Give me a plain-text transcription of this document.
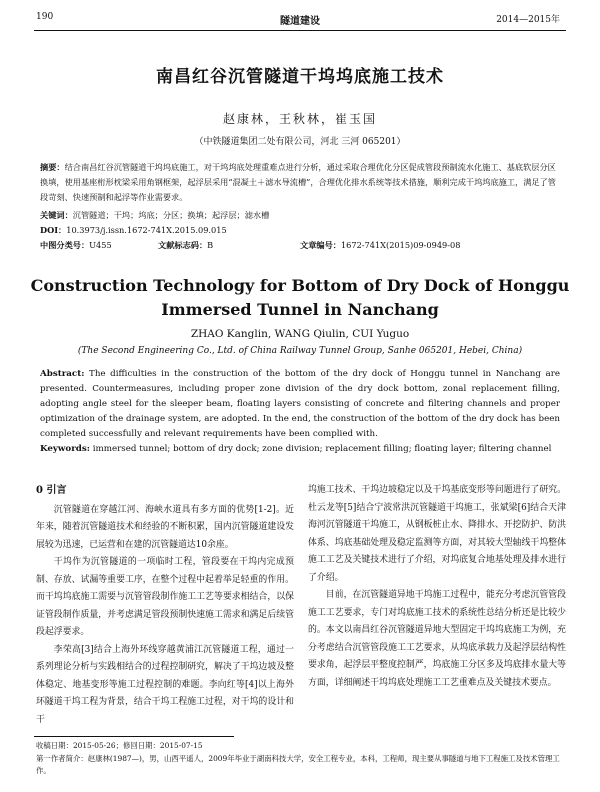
190	隧道建设	2014—2015年
南昌红谷沉管隧道干坞坞底施工技术
赵康林，王秋林，崔玉国
（中铁隧道集团二处有限公司，河北 三河 065201）
摘要：结合南昌红谷沉管隧道干坞坞底施工，对干坞坞底处理重难点进行分析，通过采取合理优化分区促成管段预制流水化施工、基底软层分区换填，使用基座桁形枕梁采用角钢框架，起浮层采用“混凝土＋滤水导流槽”，合理优化排水系统等技术措施，顺利完成干坞坞底施工，满足了管段苛刻、快速预制和起浮等作业需要求。
关键词：沉管隧道；干坞；坞底；分区；换填；起浮层；滤水槽
DOI：10.3973/j.issn.1672-741X.2015.09.015
中图分类号：U455	文献标志码：B	文章编号：1672-741X(2015)09-0949-08
Construction Technology for Bottom of Dry Dock of Honggu
Immersed Tunnel in Nanchang
ZHAO Kanglin, WANG Qiulin, CUI Yuguo
(The Second Engineering Co., Ltd. of China Railway Tunnel Group, Sanhe 065201, Hebei, China)
Abstract: The difficulties in the construction of the bottom of the dry dock of Honggu tunnel in Nanchang are presented. Countermeasures, including proper zone division of the dry dock bottom, zonal replacement filling, adopting angle steel for the sleeper beam, floating layers consisting of concrete and filtering channels and proper optimization of the drainage system, are adopted. In the end, the construction of the bottom of the dry dock has been completed successfully and relevant requirements have been complied with.
Keywords: immersed tunnel; bottom of dry dock; zone division; replacement filling; floating layer; filtering channel
0 引言

沉管隧道在穿越江河、海峡水道具有多方面的优势[1-2]。近年来，随着沉管隧道技术和经验的不断积累，国内沉管隧道建设发展较为迅速，已运营和在建的沉管隧道达10余座。

干坞作为沉管隧道的一项临时工程，管段要在干坞内完成预制、存放、试漏等重要工序，在整个过程中起着举足轻重的作用。而干坞坞底施工需要与沉管管段制作施工工艺等要求相结合，以保证管段制作质量，并考虑满足管段预制快速施工需求和满足后续管段起浮要求。

李荣高[3]结合上海外环线穿越黄浦江沉管隧道工程，通过一系列理论分析与实践相结合的过程控制研究，解决了干坞边坡及整体稳定、地基变形等施工过程控制的难题。李向红等[4]以上海外环隧道干坞工程为背景，结合干坞工程施工过程，对干坞的设计和干

坞施工技术、干坞边坡稳定以及干坞基底变形等问题进行了研究。杜云龙等[5]结合宁波常洪沉管隧道干坞施工，张斌梁[6]结合天津海河沉管隧道干坞施工，从钢板桩止水、降排水、开挖防护、防洪体系、坞底基础处理及稳定监测等方面，对其较大型轴线干坞整体施工工艺及关键技术进行了介绍，对坞底复合地基处理及排水进行了介绍。

目前，在沉管隧道异地干坞施工过程中，能充分考虑沉管管段施工工艺要求，专门对坞底施工技术的系统性总结分析还是比较少的。本文以南昌红谷沉管隧道异地大型固定干坞坞底施工为例，充分考虑结合沉管管段施工工艺要求，从坞底承载力及起浮层结构性要求角，起浮层平整度控制严，坞底施工分区多及坞底排水量大等方面，详细阐述干坞坞底处理施工工艺重难点及关键技术要点。

收稿日期：2015-05-26；修回日期：2015-07-15
第一作者简介：赵康林(1987—)，男，山西平遥人，2009年毕业于湖南科技大学，安全工程专业，本科，工程师，现主要从事隧道与地下工程施工及技术管理工作。
